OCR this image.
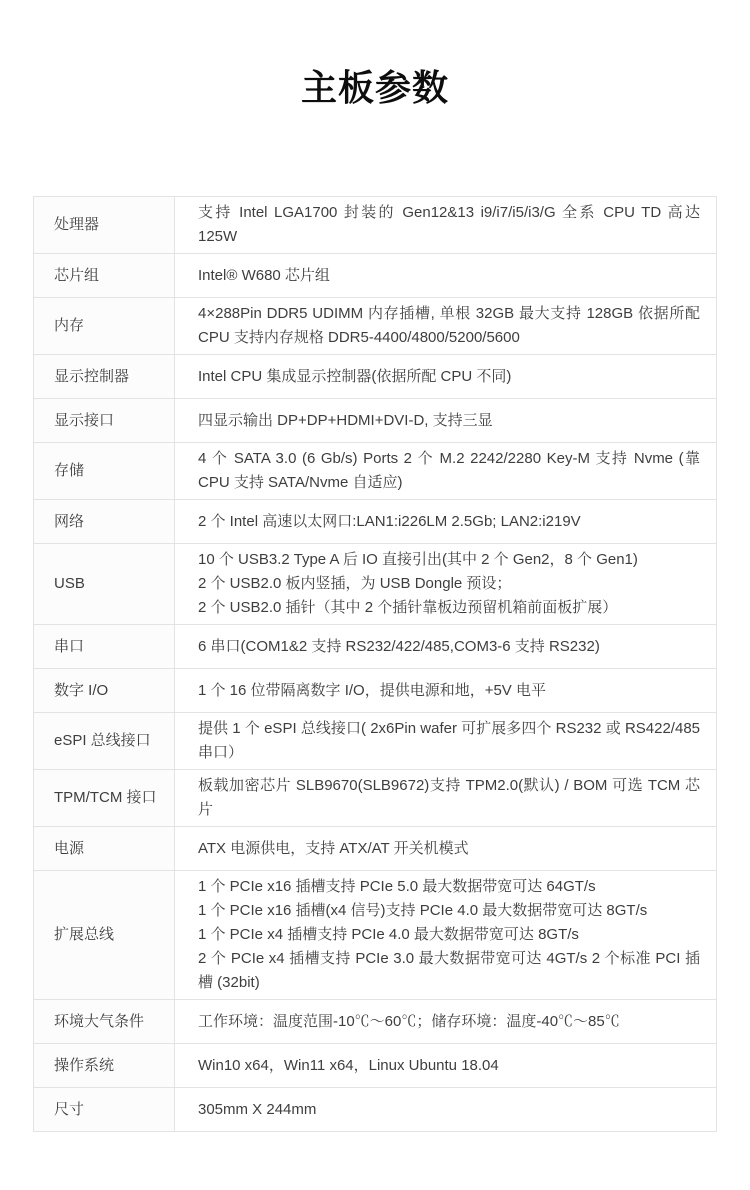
主板参数
处理器	支持 Intel LGA1700 封装的 Gen12&13 i9/i7/i5/i3/G 全系 CPU TD 高达 125W

芯片组	Intel® W680 芯片组

内存	4×288Pin DDR5 UDIMM 内存插槽, 单根 32GB 最大支持 128GB 依据所配 CPU 支持内存规格 DDR5-4400/4800/5200/5600

显示控制器	Intel CPU 集成显示控制器(依据所配 CPU 不同)

显示接口	四显示输出 DP+DP+HDMI+DVI-D, 支持三显

存储	4 个 SATA 3.0 (6 Gb/s) Ports 2 个 M.2 2242/2280 Key-M 支持 Nvme (靠 CPU 支持 SATA/Nvme 自适应)

网络	2 个 Intel 高速以太网口:LAN1:i226LM 2.5Gb; LAN2:i219V

USB	10 个 USB3.2 Type A 后 IO 直接引出(其中 2 个 Gen2，8 个 Gen1)
2 个 USB2.0 板内竖插，为 USB Dongle 预设；
2 个 USB2.0 插针（其中 2 个插针靠板边预留机箱前面板扩展）

串口	6 串口(COM1&2 支持 RS232/422/485,COM3-6 支持 RS232)

数字 I/O	1 个 16 位带隔离数字 I/O，提供电源和地，+5V 电平

eSPI 总线接口	提供 1 个 eSPI 总线接口( 2x6Pin wafer 可扩展多四个 RS232 或 RS422/485 串口）

TPM/TCM 接口	板载加密芯片 SLB9670(SLB9672)支持 TPM2.0(默认) / BOM 可选 TCM 芯片

电源	ATX 电源供电，支持 ATX/AT 开关机模式

扩展总线	1 个 PCIe x16 插槽支持 PCIe 5.0 最大数据带宽可达 64GT/s
1 个 PCIe x16 插槽(x4 信号)支持 PCIe 4.0 最大数据带宽可达 8GT/s
1 个 PCIe x4 插槽支持 PCIe 4.0 最大数据带宽可达 8GT/s
2 个 PCIe x4 插槽支持 PCIe 3.0 最大数据带宽可达 4GT/s 2 个标准 PCI 插槽 (32bit)

环境大气条件	工作环境：温度范围-10℃～60℃；储存环境：温度-40℃～85℃

操作系统	Win10 x64，Win11 x64，Linux Ubuntu 18.04

尺寸	305mm X 244mm
